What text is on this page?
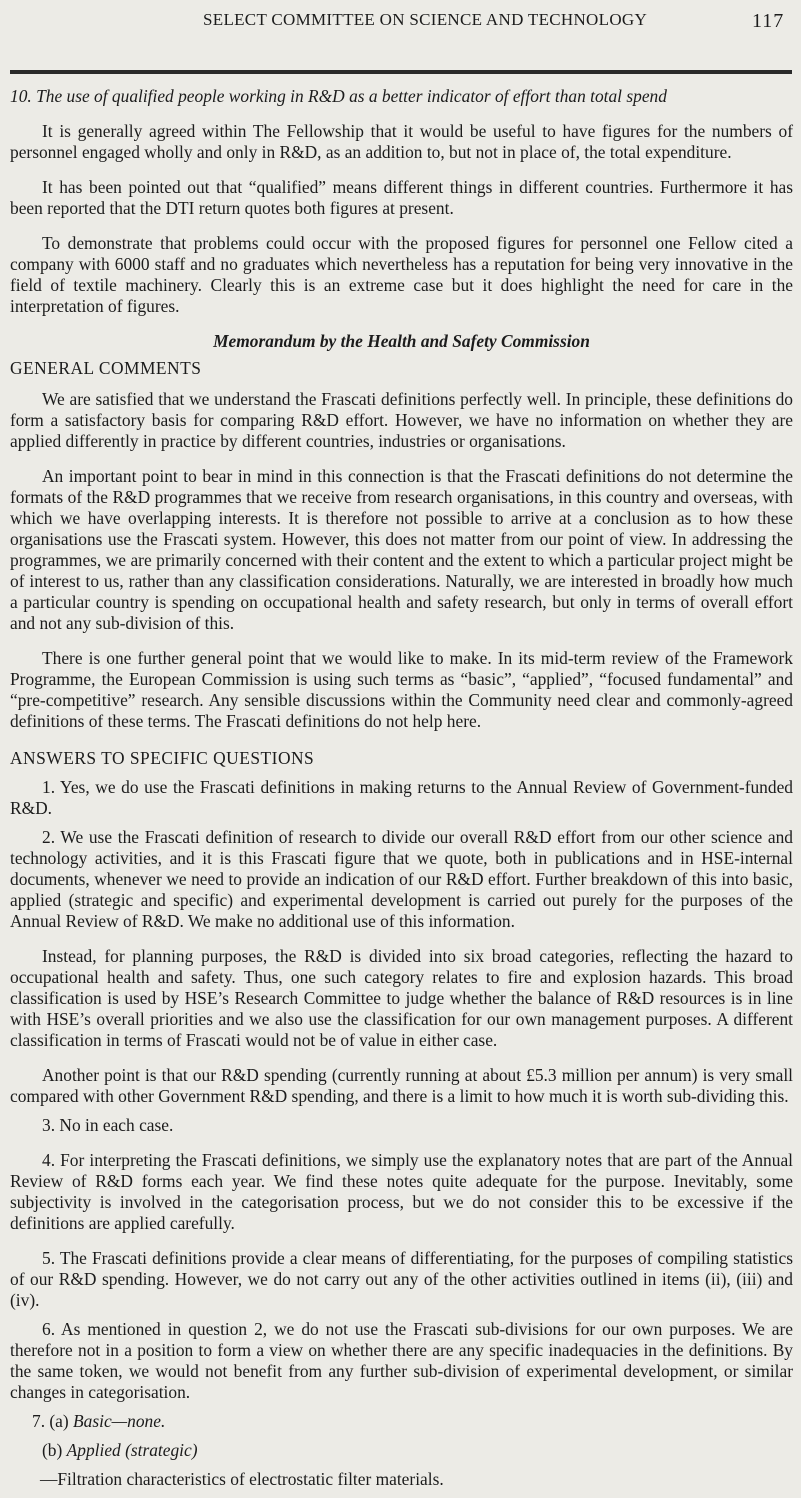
SELECT COMMITTEE ON SCIENCE AND TECHNOLOGY	117

10. The use of qualified people working in R&D as a better indicator of effort than total spend

It is generally agreed within The Fellowship that it would be useful to have figures for the numbers of personnel engaged wholly and only in R&D, as an addition to, but not in place of, the total expenditure.

It has been pointed out that “qualified” means different things in different countries. Furthermore it has been reported that the DTI return quotes both figures at present.

To demonstrate that problems could occur with the proposed figures for personnel one Fellow cited a company with 6000 staff and no graduates which nevertheless has a reputation for being very innovative in the field of textile machinery. Clearly this is an extreme case but it does highlight the need for care in the interpretation of figures.

Memorandum by the Health and Safety Commission

GENERAL COMMENTS

We are satisfied that we understand the Frascati definitions perfectly well. In principle, these definitions do form a satisfactory basis for comparing R&D effort. However, we have no information on whether they are applied differently in practice by different countries, industries or organisations.

An important point to bear in mind in this connection is that the Frascati definitions do not determine the formats of the R&D programmes that we receive from research organisations, in this country and overseas, with which we have overlapping interests. It is therefore not possible to arrive at a conclusion as to how these organisations use the Frascati system. However, this does not matter from our point of view. In addressing the programmes, we are primarily concerned with their content and the extent to which a particular project might be of interest to us, rather than any classification considerations. Naturally, we are interested in broadly how much a particular country is spending on occupational health and safety research, but only in terms of overall effort and not any sub-division of this.

There is one further general point that we would like to make. In its mid-term review of the Framework Programme, the European Commission is using such terms as “basic”, “applied”, “focused fundamental” and “pre-competitive” research. Any sensible discussions within the Community need clear and commonly-agreed definitions of these terms. The Frascati definitions do not help here.

ANSWERS TO SPECIFIC QUESTIONS

1. Yes, we do use the Frascati definitions in making returns to the Annual Review of Government-funded R&D.

2. We use the Frascati definition of research to divide our overall R&D effort from our other science and technology activities, and it is this Frascati figure that we quote, both in publications and in HSE-internal documents, whenever we need to provide an indication of our R&D effort. Further breakdown of this into basic, applied (strategic and specific) and experimental development is carried out purely for the purposes of the Annual Review of R&D. We make no additional use of this information.

Instead, for planning purposes, the R&D is divided into six broad categories, reflecting the hazard to occupational health and safety. Thus, one such category relates to fire and explosion hazards. This broad classification is used by HSE’s Research Committee to judge whether the balance of R&D resources is in line with HSE’s overall priorities and we also use the classification for our own management purposes. A different classification in terms of Frascati would not be of value in either case.

Another point is that our R&D spending (currently running at about £5.3 million per annum) is very small compared with other Government R&D spending, and there is a limit to how much it is worth sub-dividing this.

3. No in each case.

4. For interpreting the Frascati definitions, we simply use the explanatory notes that are part of the Annual Review of R&D forms each year. We find these notes quite adequate for the purpose. Inevitably, some subjectivity is involved in the categorisation process, but we do not consider this to be excessive if the definitions are applied carefully.

5. The Frascati definitions provide a clear means of differentiating, for the purposes of compiling statistics of our R&D spending. However, we do not carry out any of the other activities outlined in items (ii), (iii) and (iv).

6. As mentioned in question 2, we do not use the Frascati sub-divisions for our own purposes. We are therefore not in a position to form a view on whether there are any specific inadequacies in the definitions. By the same token, we would not benefit from any further sub-division of experimental development, or similar changes in categorisation.

7. (a) Basic—none.

(b) Applied (strategic)

—Filtration characteristics of electrostatic filter materials.
